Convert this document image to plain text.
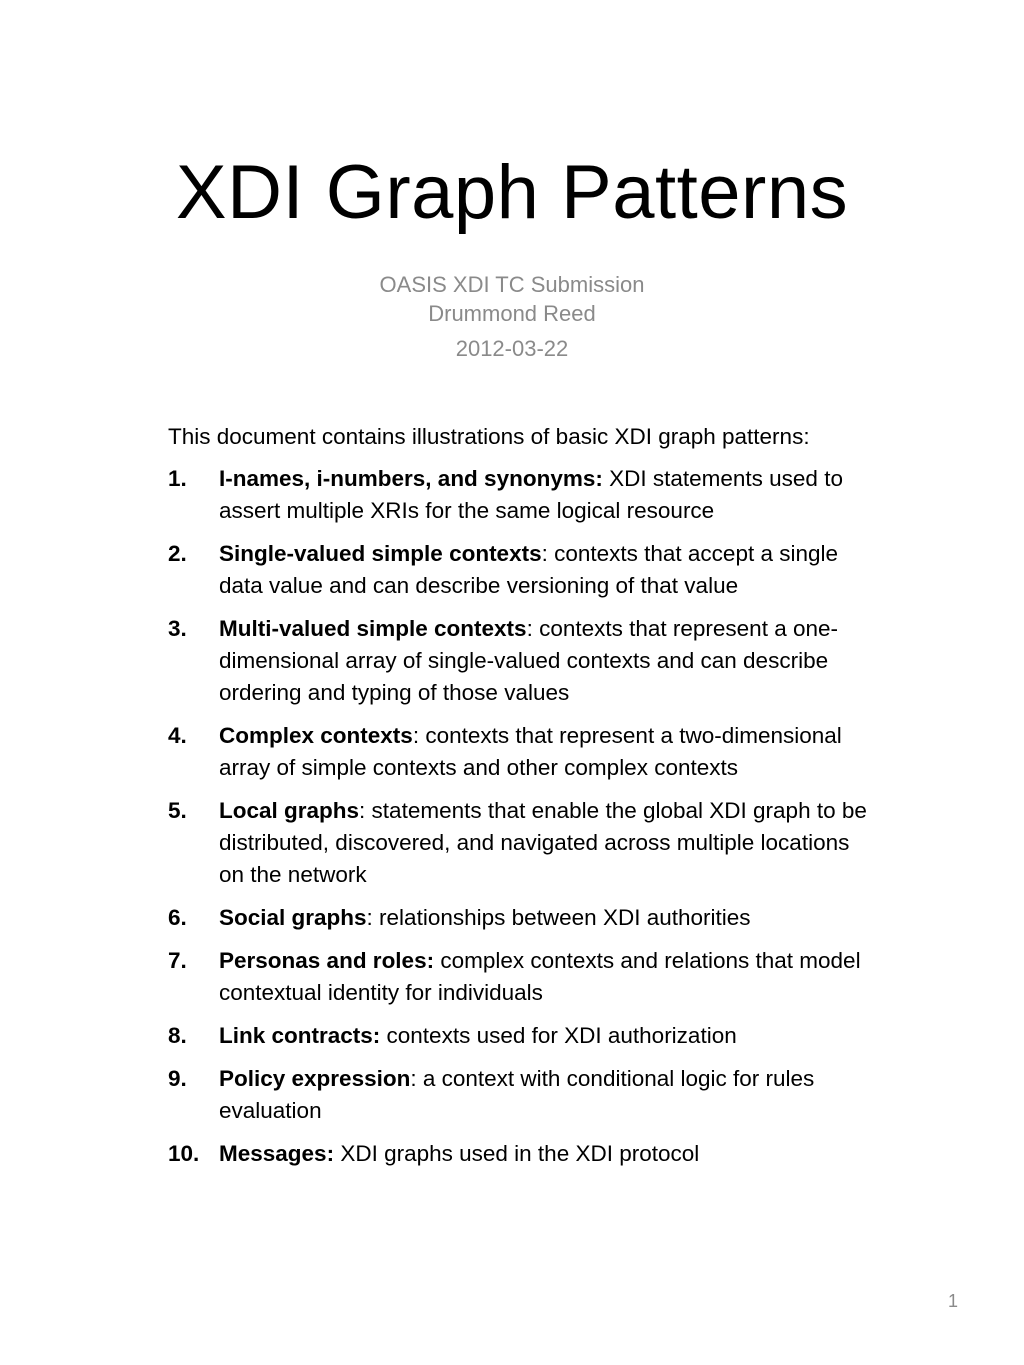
XDI Graph Patterns
OASIS XDI TC Submission
Drummond Reed
2012-03-22

This document contains illustrations of basic XDI graph patterns:

1. I-names, i-numbers, and synonyms: XDI statements used to assert multiple XRIs for the same logical resource
2. Single-valued simple contexts: contexts that accept a single data value and can describe versioning of that value
3. Multi-valued simple contexts: contexts that represent a one-dimensional array of single-valued contexts and can describe ordering and typing of those values
4. Complex contexts: contexts that represent a two-dimensional array of simple contexts and other complex contexts
5. Local graphs: statements that enable the global XDI graph to be distributed, discovered, and navigated across multiple locations on the network
6. Social graphs: relationships between XDI authorities
7. Personas and roles: complex contexts and relations that model contextual identity for individuals
8. Link contracts: contexts used for XDI authorization
9. Policy expression: a context with conditional logic for rules evaluation
10. Messages: XDI graphs used in the XDI protocol
1
